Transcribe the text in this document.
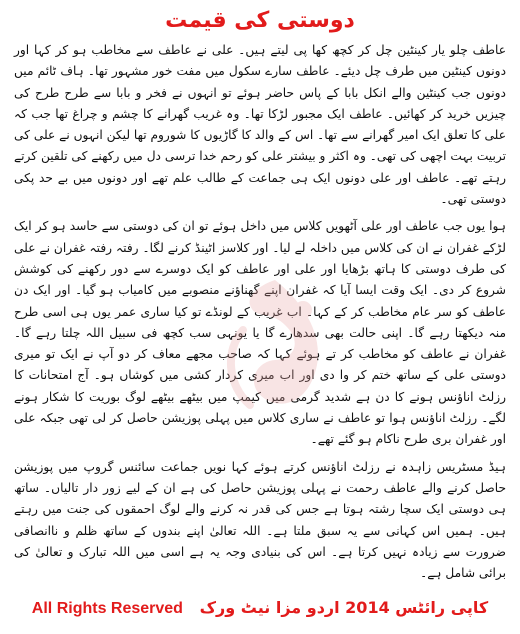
دوستی کی قیمت

عاطف چلو یار کینٹین چل کر کچھ کھا پی لیتے ہیں۔ علی نے عاطف سے مخاطب ہو کر کہا اور دونوں کینٹین میں طرف چل دیئے۔ عاطف سارے سکول میں مفت خور مشہور تھا۔ ہاف ٹائم میں دونوں جب کینٹین والے انکل بابا کے پاس حاضر ہوئے تو انہوں نے فخر و بابا سے طرح طرح کی چیزیں خرید کر کھائیں۔ عاطف ایک مجبور لڑکا تھا۔ وہ غریب گھرانے کا چشم و چراغ تھا جب کہ علی کا تعلق ایک امیر گھرانے سے تھا۔ اس کے والد کا گاڑیوں کا شوروم تھا لیکن انہوں نے علی کی تربیت بہت اچھی کی تھی۔ وہ اکثر و بیشتر علی کو رحم خدا ترسی دل میں رکھنے کی تلقین کرتے رہتے تھے۔ عاطف اور علی دونوں ایک ہی جماعت کے طالب علم تھے اور دونوں میں بے حد پکی دوستی تھی۔

ہوا یوں جب عاطف اور علی آٹھویں کلاس میں داخل ہوئے تو ان کی دوستی سے حاسد ہو کر ایک لڑکے غفران نے ان کی کلاس میں داخلہ لے لیا۔ اور کلاسز اٹینڈ کرنے لگا۔ رفتہ رفتہ غفران نے علی کی طرف دوستی کا ہاتھ بڑھایا اور علی اور عاطف کو ایک دوسرے سے دور رکھنے کی کوشش شروع کر دی۔ ایک وقت ایسا آیا کہ غفران اپنے گھناؤنے منصوبے میں کامیاب ہو گیا۔ اور ایک دن عاطف کو سر عام مخاطب کر کے کہا۔ اب غریب کے لونڈے تو کیا ساری عمر یوں ہی اسی طرح منہ دیکھتا رہے گا۔ اپنی حالت بھی سدھارے گا یا یونہی سب کچھ فی سبیل اللہ چلتا رہے گا۔ غفران نے عاطف کو مخاطب کر تے ہوئے کہا کہ صاحب مجھے معاف کر دو آپ نے ایک تو میری دوستی علی کے ساتھ ختم کر وا دی اور اب میری کردار کشی میں کوشاں ہو۔ آج امتحانات کا رزلٹ اناؤنس ہونے کا دن ہے شدید گرمی میں کیمپ میں بیٹھے بیٹھے لوگ بوریت کا شکار ہونے لگے۔ رزلٹ اناؤنس ہوا تو عاطف نے ساری کلاس میں پہلی پوزیشن حاصل کر لی تھی جبکہ علی اور غفران بری طرح ناکام ہو گئے تھے۔

ہیڈ مسٹریس زاہدہ نے رزلٹ اناؤنس کرتے ہوئے کہا نویں جماعت سائنس گروپ میں پوزیشن حاصل کرنے والے عاطف رحمت نے پہلی پوزیشن حاصل کی ہے ان کے لیے زور دار تالیاں۔ ساتھ ہی دوستی ایک سچا رشتہ ہوتا ہے جس کی قدر نہ کرنے والے لوگ احمقوں کی جنت میں رہتے ہیں۔ ہمیں اس کہانی سے یہ سبق ملتا ہے۔ اللہ تعالیٰ اپنے بندوں کے ساتھ ظلم و ناانصافی ضرورت سے زیادہ نہیں کرتا ہے۔ اس کی بنیادی وجہ یہ ہے اسی میں اللہ تبارک و تعالیٰ کی برائی شامل ہے۔

All Rights Reserved کاپی رائٹس 2014 اردو مزا نیٹ ورک
